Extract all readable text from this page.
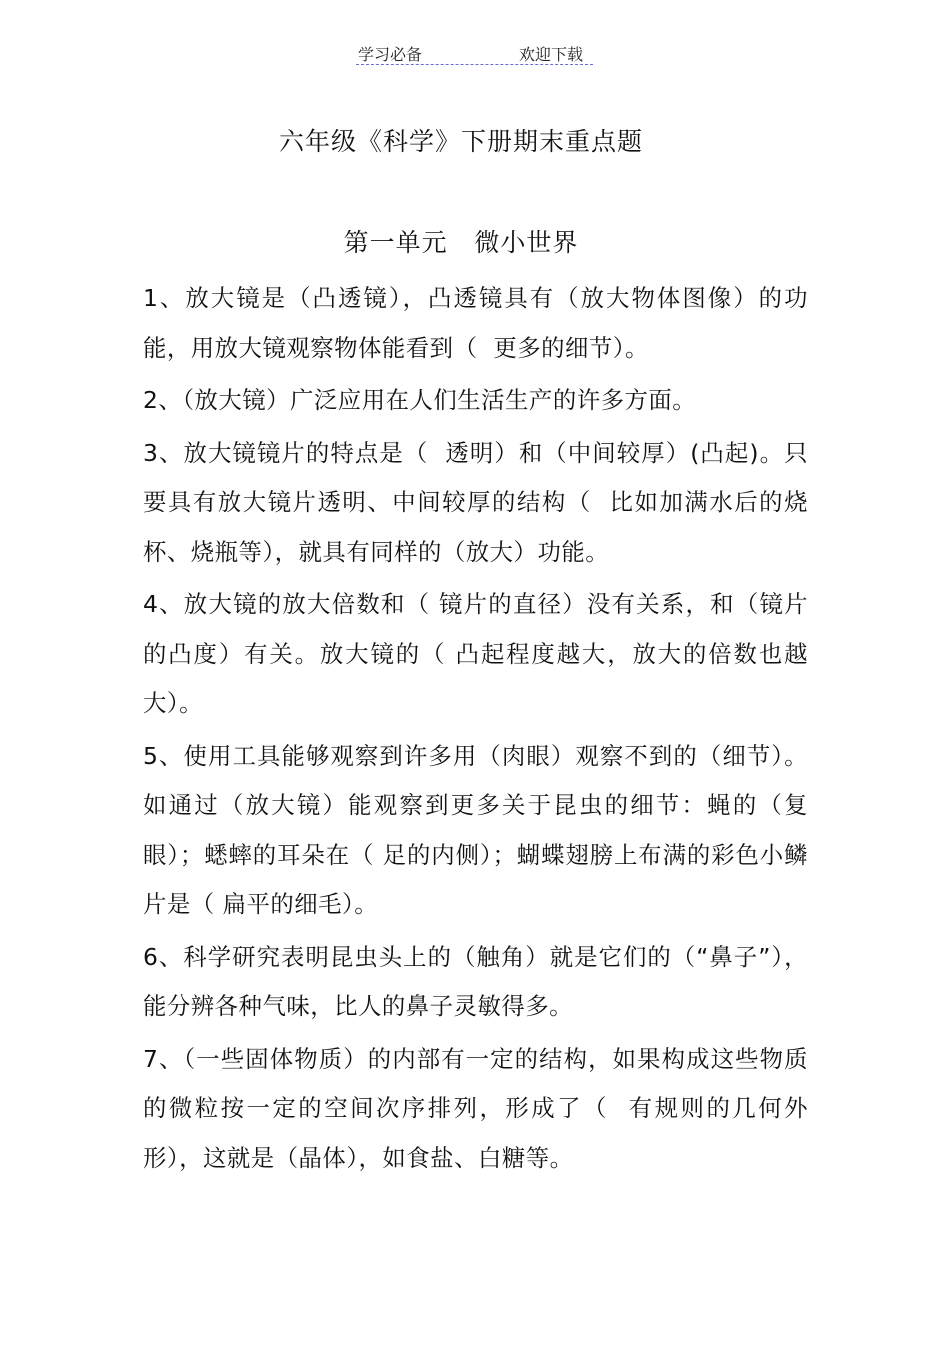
学习必备	欢迎下载
六年级《科学》下册期末重点题
第一单元   微小世界

1、放大镜是（凸透镜），凸透镜具有（放大物体图像）的功能，用放大镜观察物体能看到（  更多的细节）。

2、（放大镜）广泛应用在人们生活生产的许多方面。

3、放大镜镜片的特点是（  透明）和（中间较厚）(凸起)。只要具有放大镜片透明、中间较厚的结构（  比如加满水后的烧杯、烧瓶等），就具有同样的（放大）功能。

4、放大镜的放大倍数和（ 镜片的直径）没有关系，和（镜片的凸度）有关。放大镜的（ 凸起程度越大，放大的倍数也越大）。

5、使用工具能够观察到许多用（肉眼）观察不到的（细节）。如通过（放大镜）能观察到更多关于昆虫的细节：蝇的（复眼）；蟋蟀的耳朵在（ 足的内侧）；蝴蝶翅膀上布满的彩色小鳞片是（ 扁平的细毛）。

6、科学研究表明昆虫头上的（触角）就是它们的（“鼻子”），能分辨各种气味，比人的鼻子灵敏得多。

7、（一些固体物质）的内部有一定的结构，如果构成这些物质的微粒按一定的空间次序排列，形成了（  有规则的几何外形），这就是（晶体），如食盐、白糖等。
